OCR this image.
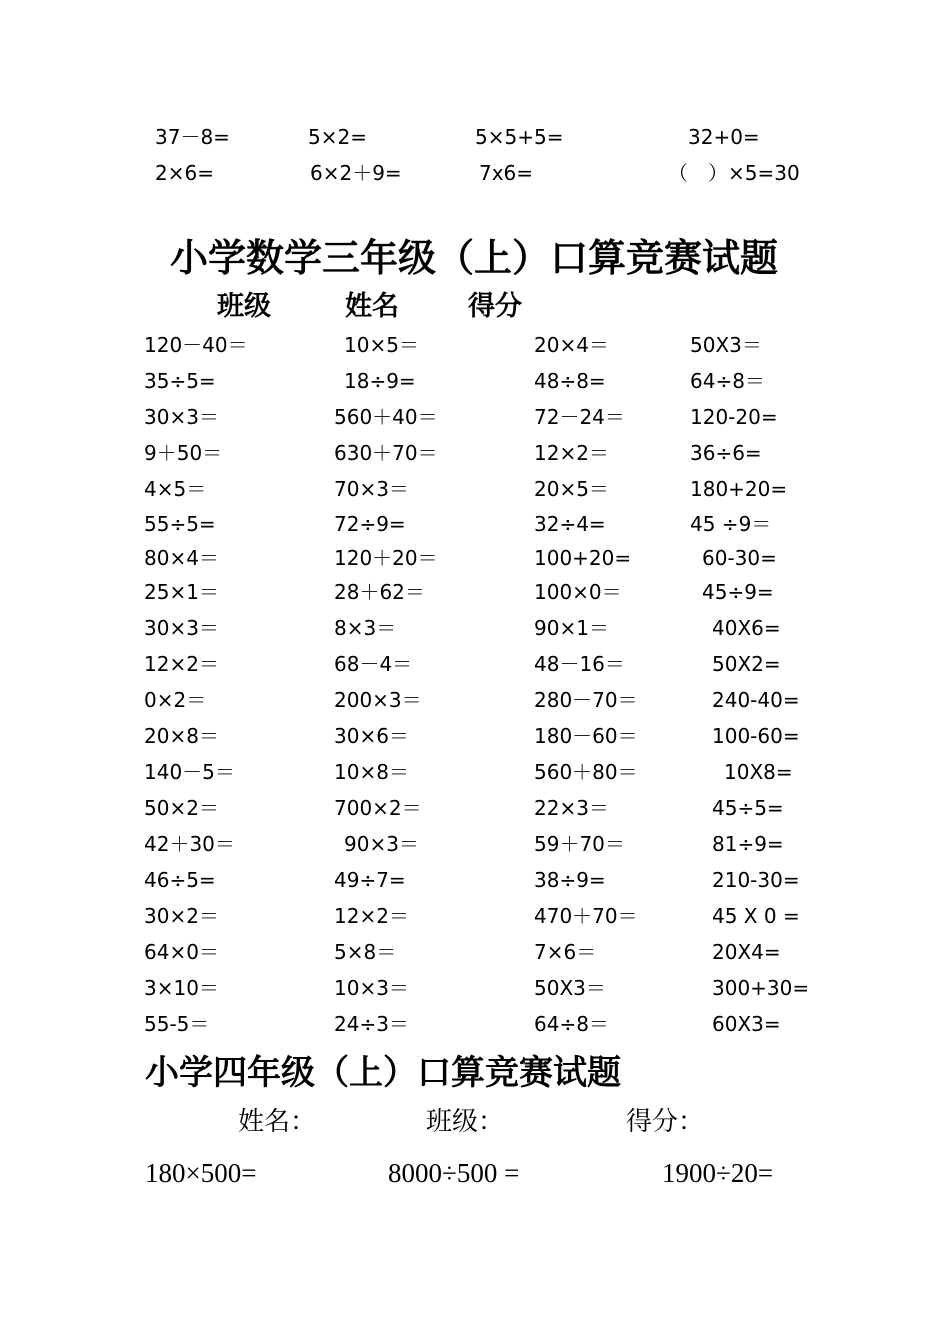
37－8=	5×2=	5×5+5=	32+0=
2×6=	6×2＋9=	7x6=	（　）×5=30
小学数学三年级（上）口算竞赛试题
班级	姓名	得分
120－40＝	10×5＝	20×4＝	50X3＝
35÷5=	18÷9=	48÷8=	64÷8＝
30×3＝	560＋40＝	72－24＝	120-20=
9＋50＝	630＋70＝	12×2＝	36÷6=
4×5＝	70×3＝	20×5＝	180+20=
55÷5=	72÷9=	32÷4=	45 ÷9＝
80×4＝	120＋20＝	100+20=	60-30=
25×1＝	28＋62＝	100×0＝	45÷9=
30×3＝	8×3＝	90×1＝	40X6=
12×2＝	68－4＝	48－16＝	50X2=
0×2＝	200×3＝	280－70＝	240-40=
20×8＝	30×6＝	180－60＝	100-60=
140－5＝	10×8＝	560＋80＝	10X8=
50×2＝	700×2＝	22×3＝	45÷5=
42＋30＝	90×3＝	59＋70＝	81÷9=
46÷5=	49÷7=	38÷9=	210-30=
30×2＝	12×2＝	470＋70＝	45 X 0 =
64×0＝	5×8＝	7×6＝	20X4=
3×10＝	10×3＝	50X3＝	300+30=
55-5＝	24÷3＝	64÷8＝	60X3=
小学四年级（上）口算竞赛试题
姓名：	班级：	得分：
180×500=	8000÷500 =	1900÷20=
